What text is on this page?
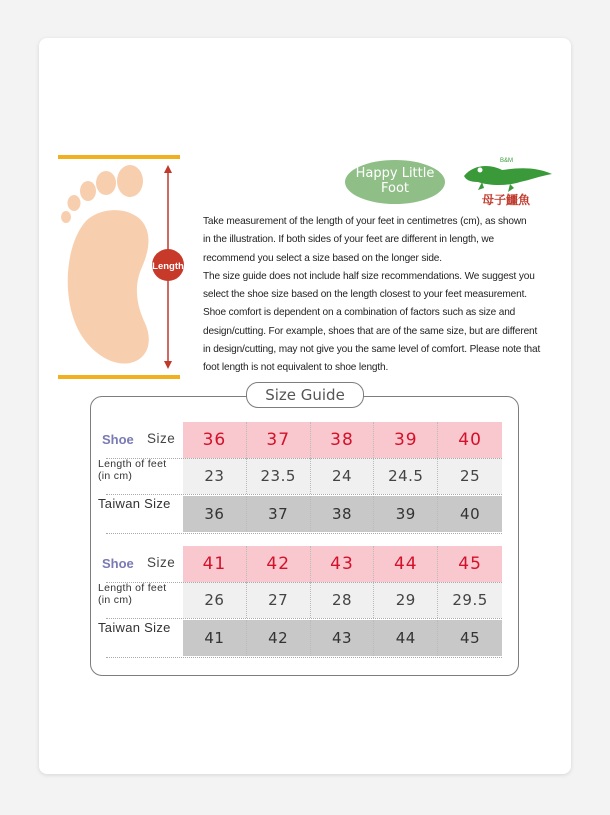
Length
Happy Little
Foot
B&M
母子鱷魚

Take measurement of the length of your feet in centimetres (cm), as shown

in the illustration. If both sides of your feet are different in length, we

recommend you select a size based on the longer side.

The size guide does not include half size recommendations. We suggest you

select the shoe size based on the length closest to your feet measurement.

Shoe comfort is dependent on a combination of factors such as size and

design/cutting. For example, shoes that are of the same size, but are different

in design/cutting, may not give you the same level of comfort. Please note that

foot length is not equivalent to shoe length.

Size Guide
Shoe Size	36	37	38	39	40
Length of feet
(in cm)	23	23.5	24	24.5	25
Taiwan Size
36	37	38	39	40
Shoe Size	41	42	43	44	45
Length of feet
(in cm)	26	27	28	29	29.5
Taiwan Size
41	42	43	44	45
